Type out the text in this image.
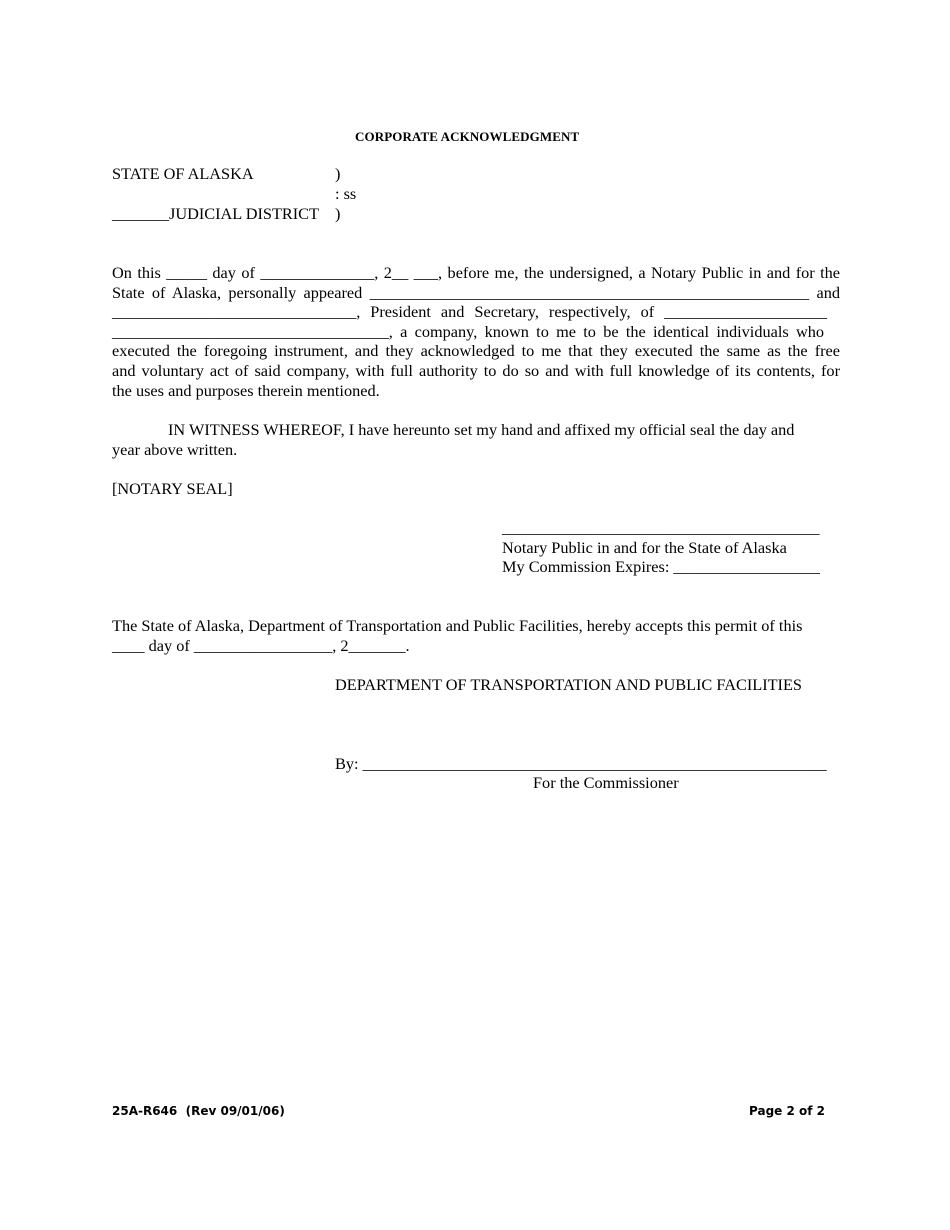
CORPORATE ACKNOWLEDGMENT
STATE OF ALASKA	)
: ss
_______JUDICIAL DISTRICT )
On this _____ day of ______________, 2__ ___, before me, the undersigned, a Notary Public in and for the
State of Alaska, personally appeared ______________________________________________________ and
______________________________, President and Secretary, respectively, of ____________________
__________________________________, a company, known to me to be the identical individuals who
executed the foregoing instrument, and they acknowledged to me that they executed the same as the free
and voluntary act of said company, with full authority to do so and with full knowledge of its contents, for
the uses and purposes therein mentioned.
IN WITNESS WHEREOF, I have hereunto set my hand and affixed my official seal the day and
year above written.
[NOTARY SEAL]
_______________________________________
Notary Public in and for the State of Alaska
My Commission Expires: __________________
The State of Alaska, Department of Transportation and Public Facilities, hereby accepts this permit of this
____ day of _________________, 2_______.
DEPARTMENT OF TRANSPORTATION AND PUBLIC FACILITIES
By: _________________________________________________________
For the Commissioner
25A-R646  (Rev 09/01/06)	Page 2 of 2
